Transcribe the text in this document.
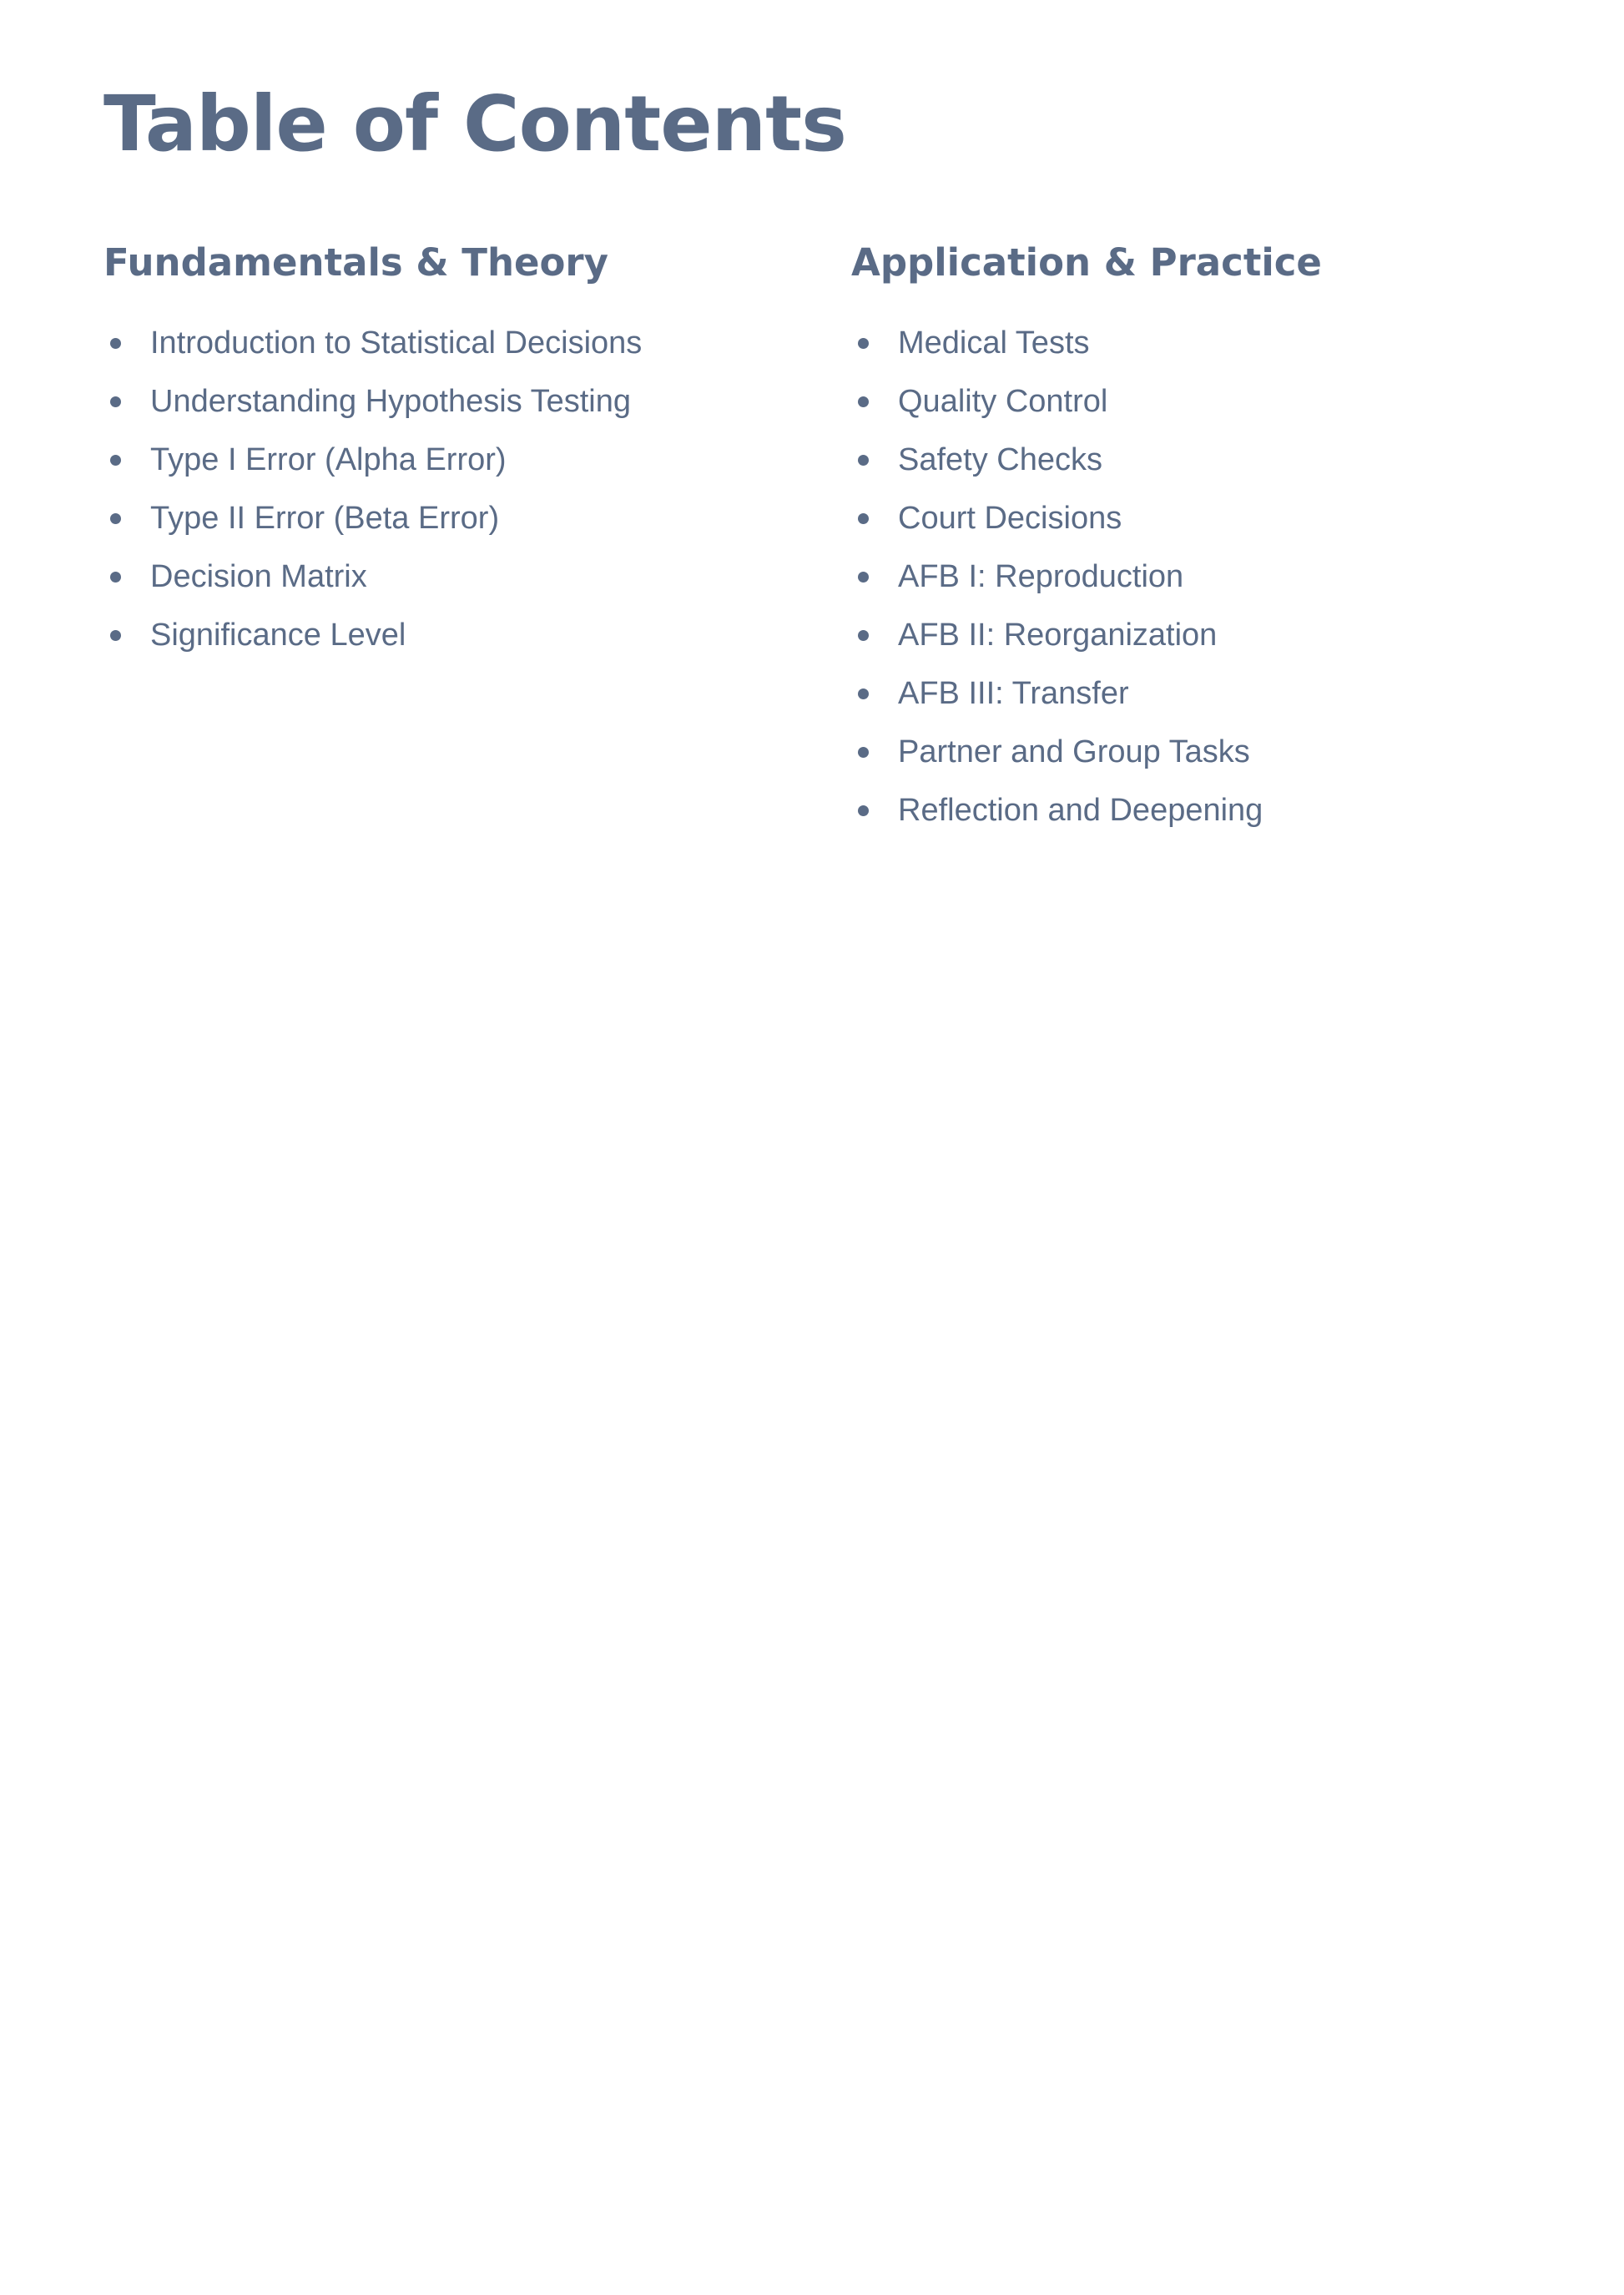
Table of Contents
Fundamentals & Theory
Introduction to Statistical Decisions
Understanding Hypothesis Testing
Type I Error (Alpha Error)
Type II Error (Beta Error)
Decision Matrix
Significance Level
Application & Practice
Medical Tests
Quality Control
Safety Checks
Court Decisions
AFB I: Reproduction
AFB II: Reorganization
AFB III: Transfer
Partner and Group Tasks
Reflection and Deepening
